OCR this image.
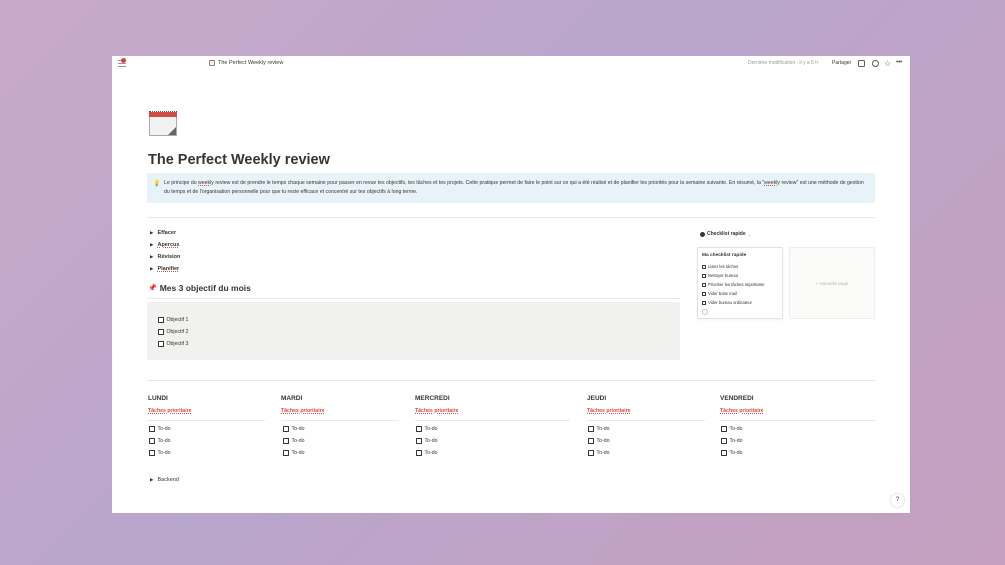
The Perfect Weekly review	Dernière modification : il y a 5 h	Partager	☆ •••
The Perfect Weekly review
💡 Le principe du weekly review est de prendre le temps chaque semaine pour passer en revue tes objectifs, tes tâches et tes projets. Cette pratique permet de faire le point sur ce qui a été réalisé et de planifier les priorités pour la semaine suivante. En résumé, la "weekly review" est une méthode de gestion du temps et de l'organisation personnelle pour que tu reste efficace et concentré sur tes objectifs à long terme.
▶ Effacer
▶ Apercus
▶ Révision
▶ Planifier
📌 Mes 3 objectif du mois
Objectif 1
Objectif 2
Objectif 3
Checklist rapide ⌄
Ma checklist rapide
Lister les tâches
Nettoyer bureau
Prioriser les tâches importante
Vider boite mail
Vider bureau ordinateur
+ Nouvelle page
LUNDI
Tâches prioritaire
To-do
To-do
To-do
MARDI
Tâches prioritaire
To-do
To-do
To-do
MERCREDI
Tâches prioritaire
To-do
To-do
To-do
JEUDI
Tâches prioritaire
To-do
To-do
To-do
VENDREDI
Tâches prioritaire
To-do
To-do
To-do
▶ Backend
?
